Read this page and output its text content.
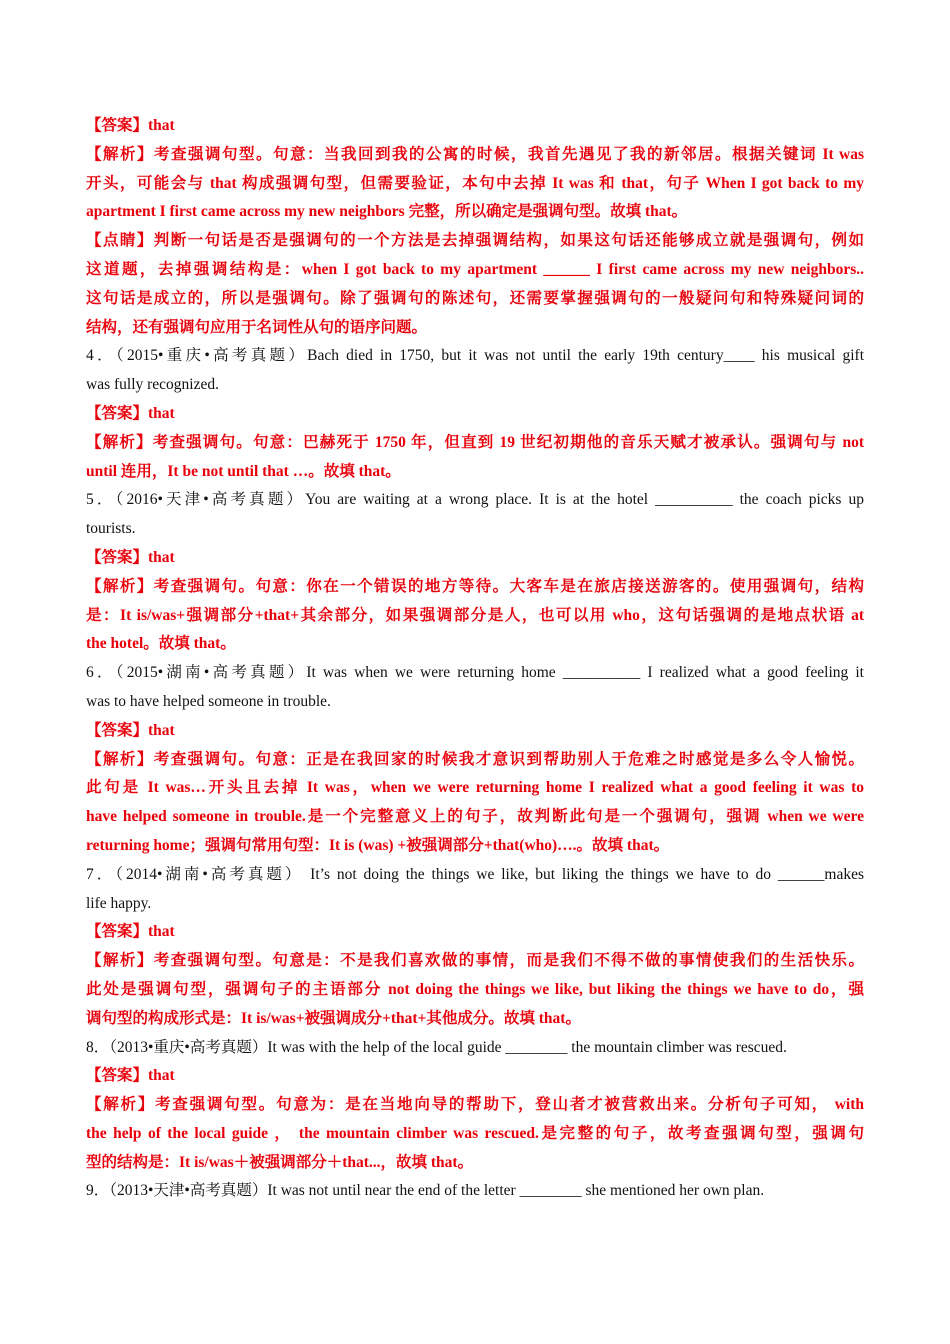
【答案】that
【解析】考查强调句型。句意：当我回到我的公寓的时候，我首先遇见了我的新邻居。根据关键词 It was
开头，可能会与 that 构成强调句型，但需要验证，本句中去掉 It was 和 that，句子 When I got back to my
apartment I first came across my new neighbors 完整，所以确定是强调句型。故填 that。
【点睛】判断一句话是否是强调句的一个方法是去掉强调结构，如果这句话还能够成立就是强调句，例如
这道题，去掉强调结构是：when I got back to my apartment ______ I first came across my new neighbors..
这句话是成立的，所以是强调句。除了强调句的陈述句，还需要掌握强调句的一般疑问句和特殊疑问词的
结构，还有强调句应用于名词性从句的语序问题。
4．（2015•重庆•高考真题）Bach died in 1750, but it was not until the early 19th century____ his musical gift
was fully recognized.
【答案】that
【解析】考查强调句。句意：巴赫死于 1750 年，但直到 19 世纪初期他的音乐天赋才被承认。强调句与 not
until 连用，It be not until that …。故填 that。
5．（2016•天津•高考真题）You are waiting at a wrong place. It is at the hotel __________ the coach picks up
tourists.
【答案】that
【解析】考查强调句。句意：你在一个错误的地方等待。大客车是在旅店接送游客的。使用强调句，结构
是：It is/was+强调部分+that+其余部分，如果强调部分是人，也可以用 who，这句话强调的是地点状语 at
the hotel。故填 that。
6．（2015•湖南•高考真题）It was when we were returning home __________ I realized what a good feeling it
was to have helped someone in trouble.
【答案】that
【解析】考查强调句。句意：正是在我回家的时候我才意识到帮助别人于危难之时感觉是多么令人愉悦。
此句是 It was…开头且去掉 It was，when we were returning home I realized what a good feeling it was to
have helped someone in trouble.是一个完整意义上的句子，故判断此句是一个强调句，强调 when we were
returning home；强调句常用句型：It is (was) +被强调部分+that(who)….。故填 that。
7．（2014•湖南•高考真题） It’s not doing the things we like, but liking the things we have to do ______makes
life happy.
【答案】that
【解析】考查强调句型。句意是：不是我们喜欢做的事情，而是我们不得不做的事情使我们的生活快乐。
此处是强调句型，强调句子的主语部分 not doing the things we like, but liking the things we have to do，强
调句型的构成形式是：It is/was+被强调成分+that+其他成分。故填 that。
8．（2013•重庆•高考真题）It was with the help of the local guide ________ the mountain climber was rescued.
【答案】that
【解析】考查强调句型。句意为：是在当地向导的帮助下，登山者才被营救出来。分析句子可知， with
the help of the local guide ， the mountain climber was rescued.是完整的句子，故考查强调句型，强调句
型的结构是：It is/was＋被强调部分＋that...，故填 that。
9．（2013•天津•高考真题）It was not until near the end of the letter ________ she mentioned her own plan.
